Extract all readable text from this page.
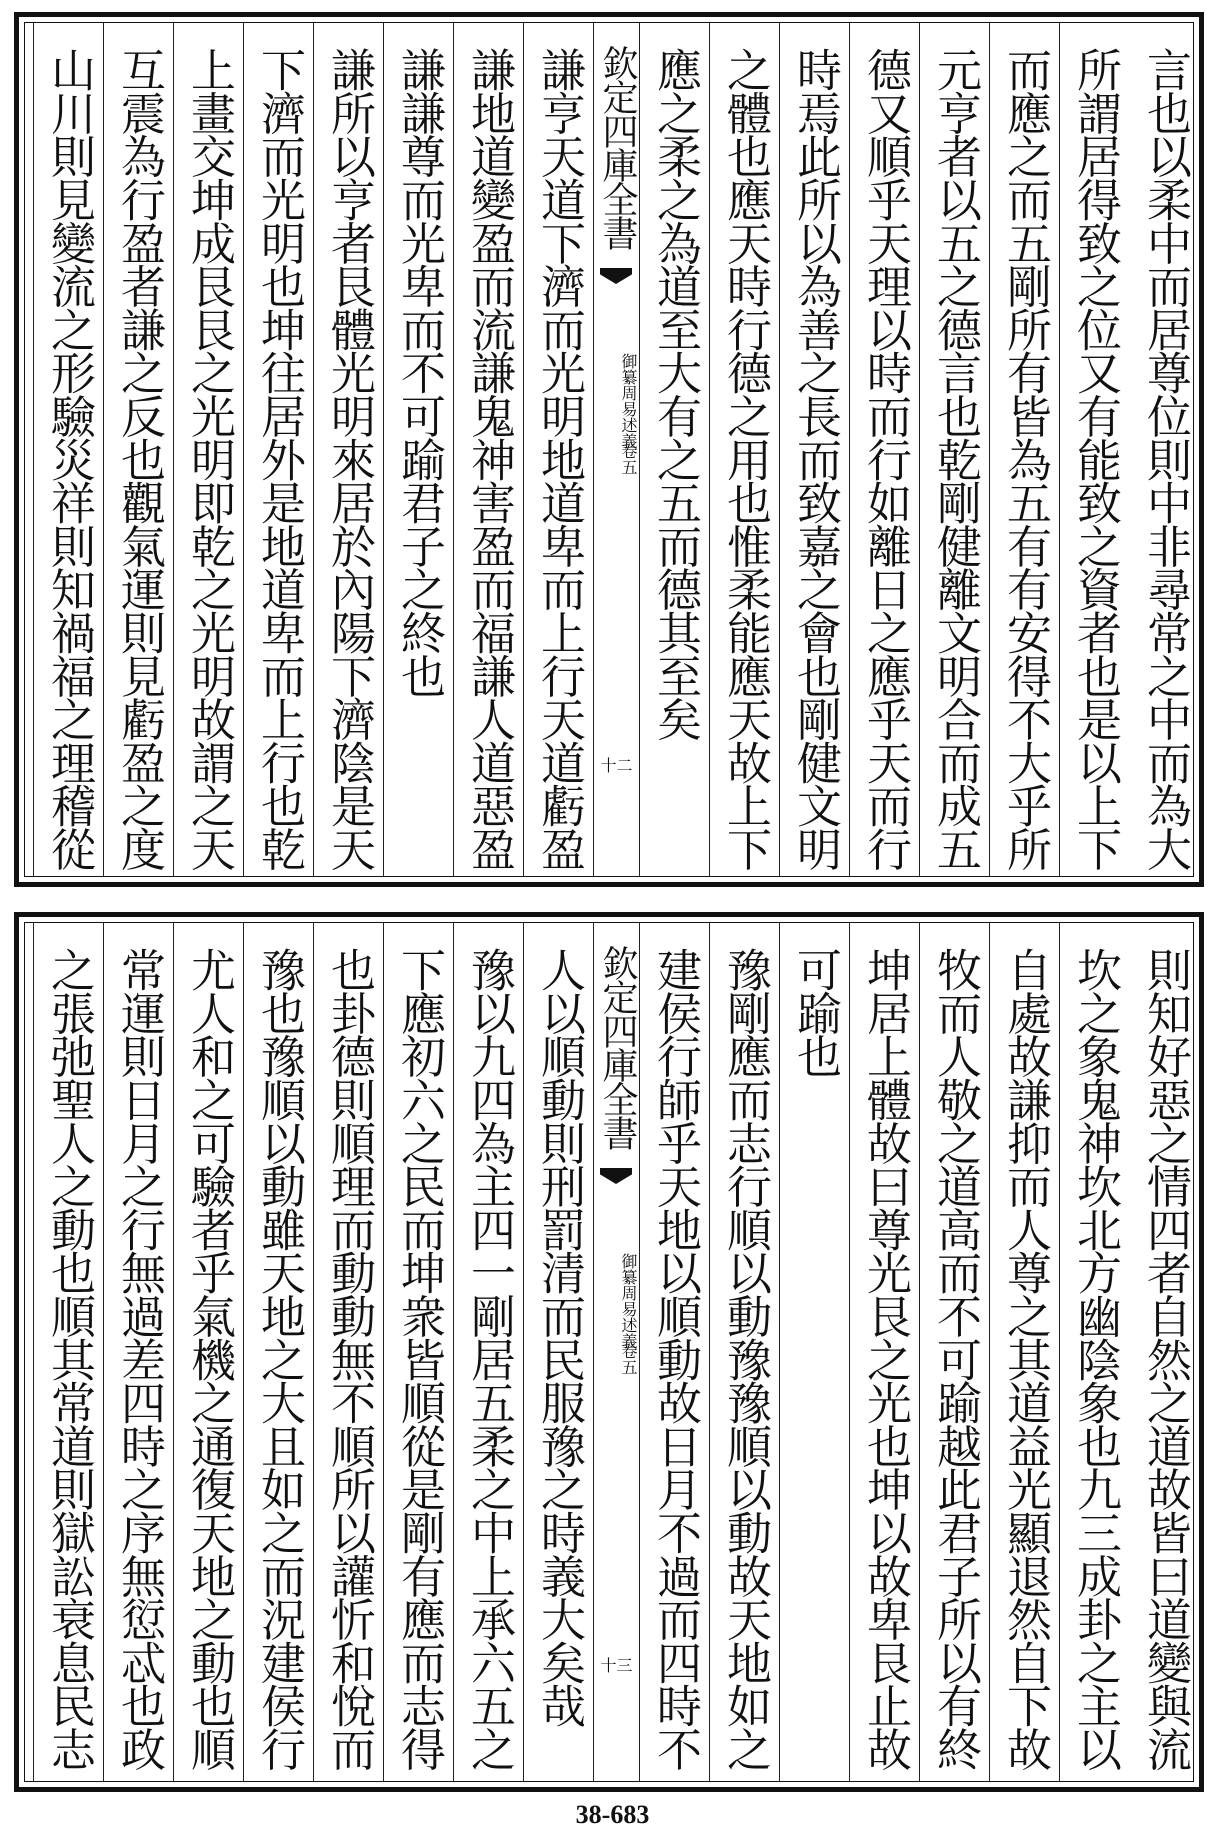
言也以柔中而居尊位則中非尋常之中而為大
所謂居得致之位又有能致之資者也是以上下
而應之而五剛所有皆為五有有安得不大乎所
元亨者以五之德言也乾剛健離文明合而成五
德又順乎天理以時而行如離日之應乎天而行
時焉此所以為善之長而致嘉之會也剛健文明
之體也應天時行德之用也惟柔能應天故上下
應之柔之為道至大有之五而德其至矣
欽定四庫全書
御纂周易述義
卷五
十二
謙亨天道下濟而光明地道卑而上行天道虧盈
謙地道變盈而流謙鬼神害盈而福謙人道惡盈
謙謙尊而光卑而不可踰君子之終也
謙所以亨者艮體光明來居於內陽下濟陰是天
下濟而光明也坤往居外是地道卑而上行也乾
上畫交坤成艮艮之光明即乾之光明故謂之天
互震為行盈者謙之反也觀氣運則見虧盈之度
山川則見變流之形驗災祥則知禍福之理稽從
則知好惡之情四者自然之道故皆曰道變與流
坎之象鬼神坎北方幽陰象也九三成卦之主以
自處故謙抑而人尊之其道益光顯退然自下故
牧而人敬之道高而不可踰越此君子所以有終
坤居上體故曰尊光艮之光也坤以故卑艮止故
可踰也
豫剛應而志行順以動豫豫順以動故天地如之
建侯行師乎天地以順動故日月不過而四時不
欽定四庫全書
御纂周易述義
卷五
十三
人以順動則刑罰清而民服豫之時義大矣哉
豫以九四為主四一剛居五柔之中上承六五之
下應初六之民而坤衆皆順從是剛有應而志得
也卦德則順理而動動無不順所以讙忻和悅而
豫也豫順以動雖天地之大且如之而況建侯行
尤人和之可驗者乎氣機之通復天地之動也順
常運則日月之行無過差四時之序無愆忒也政
之張弛聖人之動也順其常道則獄訟衰息民志
38-683
